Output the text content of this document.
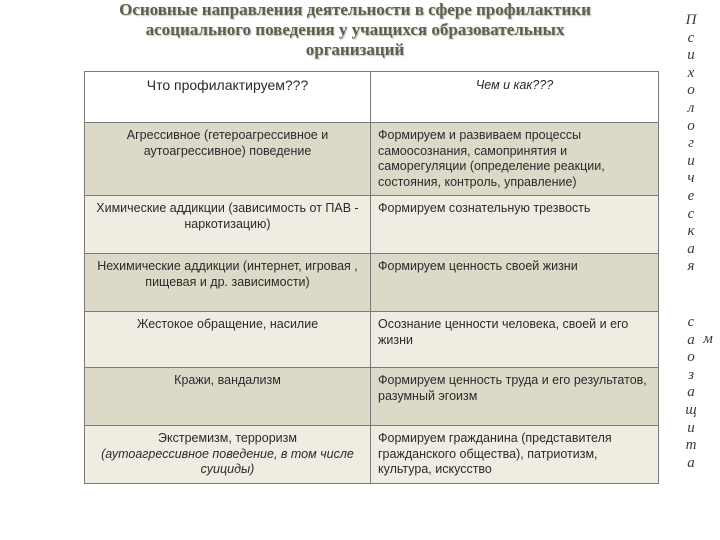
Основные направления деятельности в сфере профилактики
асоциального поведения у учащихся образовательных
организаций
П
с
и
х
о
л
о
г
и
ч
е
с
к
а
я
с
а
о
з
а
щ
и
т
а
м
Что профилактируем???	Чем и как???
Агрессивное (гетероагрессивное и аутоагрессивное) поведение	Формируем и развиваем процессы самоосознания, самопринятия и саморегуляции (определение реакции, состояния, контроль, управление)
Химические аддикции (зависимость от ПАВ - наркотизацию)	Формируем сознательную трезвость
Нехимические аддикции (интернет, игровая , пищевая и др. зависимости)	Формируем ценность своей жизни
Жестокое обращение, насилие	Осознание ценности человека, своей и его жизни
Кражи, вандализм	Формируем ценность труда и его результатов, разумный эгоизм
Экстремизм, терроризм
(аутоагрессивное поведение, в том числе суициды)	Формируем гражданина (представителя гражданского общества), патриотизм, культура, искусство
